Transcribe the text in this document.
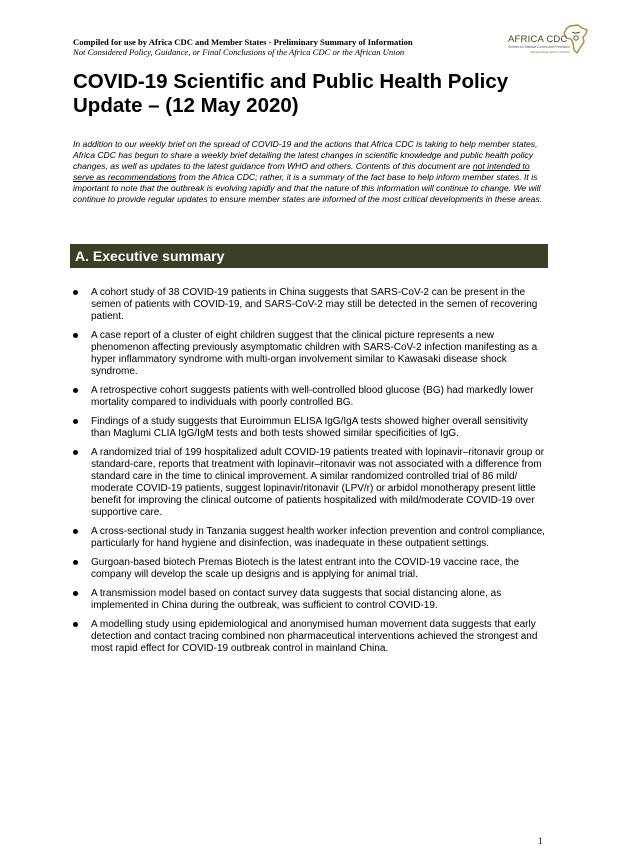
Compiled for use by Africa CDC and Member States - Preliminary Summary of Information
Not Considered Policy, Guidance, or Final Conclusions of the Africa CDC or the African Union
AFRICA CDC
Centres for Disease Control and Prevention
Safeguarding Africa's Health
COVID-19 Scientific and Public Health Policy Update – (12 May 2020)

In addition to our weekly brief on the spread of COVID-19 and the actions that Africa CDC is taking to help member states, Africa CDC has begun to share a weekly brief detailing the latest changes in scientific knowledge and public health policy changes, as well as updates to the latest guidance from WHO and others. Contents of this document are not intended to serve as recommendations from the Africa CDC; rather, it is a summary of the fact base to help inform member states. It is important to note that the outbreak is evolving rapidly and that the nature of this information will continue to change. We will continue to provide regular updates to ensure member states are informed of the most critical developments in these areas.

A. Executive summary
A cohort study of 38 COVID-19 patients in China suggests that SARS-CoV-2 can be present in the semen of patients with COVID-19, and SARS-CoV-2 may still be detected in the semen of recovering patient.
A case report of a cluster of eight children suggest that the clinical picture represents a new phenomenon affecting previously asymptomatic children with SARS-CoV-2 infection manifesting as a hyper inflammatory syndrome with multi-organ involvement similar to Kawasaki disease shock syndrome.
A retrospective cohort suggests patients with well-controlled blood glucose (BG) had markedly lower mortality compared to individuals with poorly controlled BG.
Findings of a study suggests that Euroimmun ELISA IgG/IgA tests showed higher overall sensitivity than Maglumi CLIA IgG/IgM tests and both tests showed similar specificities of IgG.
A randomized trial of 199 hospitalized adult COVID-19 patients treated with lopinavir–ritonavir group or standard-care, reports that treatment with lopinavir–ritonavir was not associated with a difference from standard care in the time to clinical improvement. A similar randomized controlled trial of 86 mild/ moderate COVID-19 patients, suggest lopinavir/ritonavir (LPV/r) or arbidol monotherapy present little benefit for improving the clinical outcome of patients hospitalized with mild/moderate COVID-19 over supportive care.
A cross-sectional study in Tanzania suggest health worker infection prevention and control compliance, particularly for hand hygiene and disinfection, was inadequate in these outpatient settings.
Gurgoan-based biotech Premas Biotech is the latest entrant into the COVID-19 vaccine race, the company will develop the scale up designs and is applying for animal trial.
A transmission model based on contact survey data suggests that social distancing alone, as implemented in China during the outbreak, was sufficient to control COVID-19.
A modelling study using epidemiological and anonymised human movement data suggests that early detection and contact tracing combined non pharmaceutical interventions achieved the strongest and most rapid effect for COVID-19 outbreak control in mainland China.
1
